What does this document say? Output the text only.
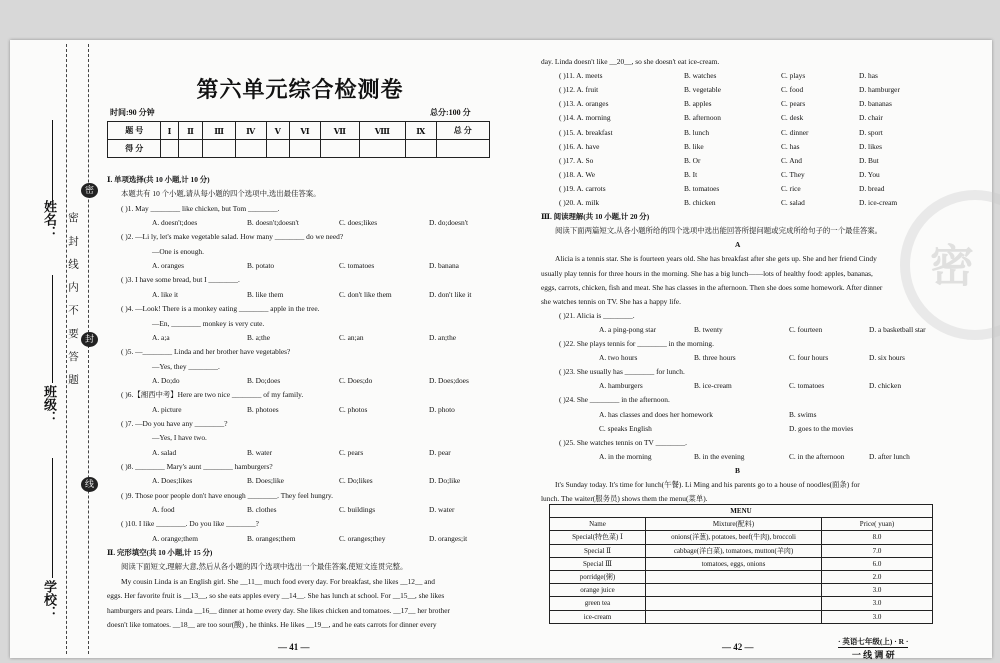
姓名：
班级：
学校：
密
密 封 线 内 不 要 答 题 封
线
第六单元综合检测卷
时间:90 分钟	总分:100 分
题 号	Ⅰ	Ⅱ	Ⅲ	Ⅳ	Ⅴ	Ⅵ	Ⅶ	Ⅷ	Ⅸ	总 分
得 分										
Ⅰ. 单项选择(共 10 小题,计 10 分)
本题共有 10 个小题,请从每小题的四个选项中,选出最佳答案。
( )1. May ________ like chicken, but Tom ________.
A. doesn't;does	B. doesn't;doesn't	C. does;likes	D. do;doesn't
( )2. —Li ly, let's make vegetable salad. How many ________ do we need?
—One is enough.
A. oranges	B. potato	C. tomatoes	D. banana
( )3. I have some bread, but I ________.
A. like it	B. like them	C. don't like them	D. don't like it
( )4. —Look! There is a monkey eating ________ apple in the tree.
—En, ________ monkey is very cute.
A. a;a	B. a;the	C. an;an	D. an;the
( )5. —________ Linda and her brother have vegetables?
—Yes, they ________.
A. Do;do	B. Do;does	C. Does;do	D. Does;does
( )6.【湘西中考】Here are two nice ________ of my family.
A. picture	B. photoes	C. photos	D. photo
( )7. —Do you have any ________?
—Yes, I have two.
A. salad	B. water	C. pears	D. pear
( )8. ________ Mary's aunt ________ hamburgers?
A. Does;likes	B. Does;like	C. Do;likes	D. Do;like
( )9. Those poor people don't have enough ________. They feel hungry.
A. food	B. clothes	C. buildings	D. water
( )10. I like ________. Do you like ________?
A. orange;them	B. oranges;them	C. oranges;they	D. oranges;it
Ⅱ. 完形填空(共 10 小题,计 15 分)
阅读下面短文,理解大意,然后从各小题的四个选项中选出一个最佳答案,使短文连贯完整。
My cousin Linda is an English girl. She __11__ much food every day. For breakfast, she likes __12__ and
eggs. Her favorite fruit is __13__, so she eats apples every __14__. She has lunch at school. For __15__, she likes
hamburgers and pears. Linda __16__ dinner at home every day. She likes chicken and tomatoes. __17__ her brother
doesn't like tomatoes. __18__ are too sour(酸) , he thinks. He likes __19__, and he eats carrots for dinner every
day. Linda doesn't like __20__, so she doesn't eat ice-cream.
( )11. A. meets	B. watches	C. plays	D. has
( )12. A. fruit	B. vegetable	C. food	D. hamburger
( )13. A. oranges	B. apples	C. pears	D. bananas
( )14. A. morning	B. afternoon	C. desk	D. chair
( )15. A. breakfast	B. lunch	C. dinner	D. sport
( )16. A. have	B. like	C. has	D. likes
( )17. A. So	B. Or	C. And	D. But
( )18. A. We	B. It	C. They	D. You
( )19. A. carrots	B. tomatoes	C. rice	D. bread
( )20. A. milk	B. chicken	C. salad	D. ice-cream
Ⅲ. 阅读理解(共 10 小题,计 20 分)
阅读下面两篇短文,从各小题所给的四个选项中选出能回答所提问题或完成所给句子的一个最佳答案。
A
Alicia is a tennis star. She is fourteen years old. She has breakfast after she gets up. She and her friend Cindy
usually play tennis for three hours in the morning. She has a big lunch——lots of healthy food: apples, bananas,
eggs, carrots, chicken, fish and meat. She has classes in the afternoon. Then she does some homework. After dinner
she watches tennis on TV. She has a happy life.
( )21. Alicia is ________.
A. a ping-pong star	B. twenty	C. fourteen	D. a basketball star
( )22. She plays tennis for ________ in the morning.
A. two hours	B. three hours	C. four hours	D. six hours
( )23. She usually has ________ for lunch.
A. hamburgers	B. ice-cream	C. tomatoes	D. chicken
( )24. She ________ in the afternoon.
A. has classes and does her homework	B. swims
C. speaks English	D. goes to the movies
( )25. She watches tennis on TV ________.
A. in the morning	B. in the evening	C. in the afternoon	D. after lunch
B
It's Sunday today. It's time for lunch(午餐). Li Ming and his parents go to a house of noodles(面条) for
lunch. The waiter(服务员) shows them the menu(菜单).
MENU		
Name	Mixture(配料)	Price( yuan)
Special(特色菜) Ⅰ	onions(洋葱), potatoes, beef(牛肉), broccoli	8.0
Special Ⅱ	cabbage(洋白菜), tomatoes, mutton(羊肉)	7.0
Special Ⅲ	tomatoes, eggs, onions	6.0
porridge(粥)		2.0
orange juice		3.0
green tea		3.0
ice-cream		3.0
密
— 41 —	— 42 —
· 英语七年级(上) · R ·
一 线 调 研
